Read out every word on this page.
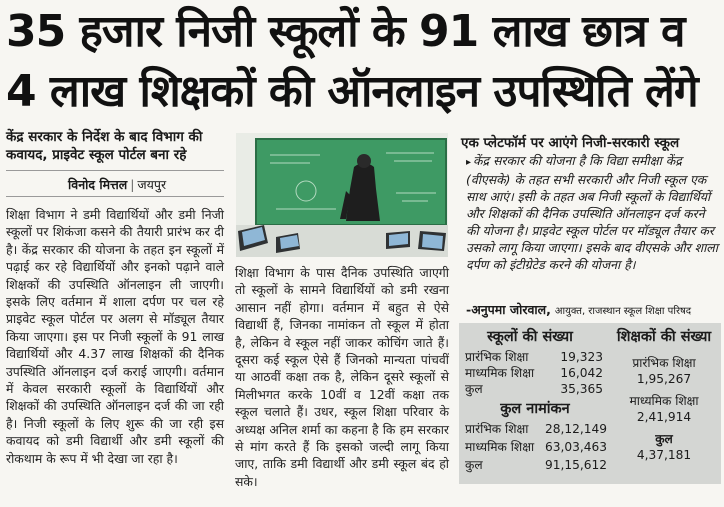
35 हजार निजी स्कूलों के 91 लाख छात्र व
4 लाख शिक्षकों की ऑनलाइन उपस्थिति लेंगे
केंद्र सरकार के निर्देश के बाद विभाग की कवायद, प्राइवेट स्कूल पोर्टल बना रहे
विनोद मित्तल | जयपुर
शिक्षा विभाग ने डमी विद्यार्थियों और डमी निजी स्कूलों पर शिकंजा कसने की तैयारी प्रारंभ कर दी है। केंद्र सरकार की योजना के तहत इन स्कूलों में पढ़ाई कर रहे विद्यार्थियों और इनको पढ़ाने वाले शिक्षकों की उपस्थिति ऑनलाइन ली जाएगी। इसके लिए वर्तमान में शाला दर्पण पर चल रहे प्राइवेट स्कूल पोर्टल पर अलग से मॉड्यूल तैयार किया जाएगा। इस पर निजी स्कूलों के 91 लाख विद्यार्थियों और 4.37 लाख शिक्षकों की दैनिक उपस्थिति ऑनलाइन दर्ज कराई जाएगी। वर्तमान में केवल सरकारी स्कूलों के विद्यार्थियों और शिक्षकों की उपस्थिति ऑनलाइन दर्ज की जा रही है। निजी स्कूलों के लिए शुरू की जा रही इस कवायद को डमी विद्यार्थी और डमी स्कूलों की रोकथाम के रूप में भी देखा जा रहा है।
शिक्षा विभाग के पास दैनिक उपस्थिति जाएगी तो स्कूलों के सामने विद्यार्थियों को डमी रखना आसान नहीं होगा। वर्तमान में बहुत से ऐसे विद्यार्थी हैं, जिनका नामांकन तो स्कूल में होता है, लेकिन वे स्कूल नहीं जाकर कोचिंग जाते हैं। दूसरा कई स्कूल ऐसे हैं जिनको मान्यता पांचवीं या आठवीं कक्षा तक है, लेकिन दूसरे स्कूलों से मिलीभगत करके 10वीं व 12वीं कक्षा तक स्कूल चलाते हैं। उधर, स्कूल शिक्षा परिवार के अध्यक्ष अनिल शर्मा का कहना है कि हम सरकार से मांग करते हैं कि इसको जल्दी लागू किया जाए, ताकि डमी विद्यार्थी और डमी स्कूल बंद हो सके।
एक प्लेटफॉर्म पर आएंगे निजी-सरकारी स्कूल
▸ केंद्र सरकार की योजना है कि विद्या समीक्षा केंद्र (वीएसके) के तहत सभी सरकारी और निजी स्कूल एक साथ आएं। इसी के तहत अब निजी स्कूलों के विद्यार्थियों और शिक्षकों की दैनिक उपस्थिति ऑनलाइन दर्ज करने की योजना है। प्राइवेट स्कूल पोर्टल पर मॉड्यूल तैयार कर उसको लागू किया जाएगा। इसके बाद वीएसके और शाला दर्पण को इंटीग्रेटेड करने की योजना है।
-अनुपमा जोरवाल, आयुक्त, राजस्थान स्कूल शिक्षा परिषद
स्कूलों की संख्या
प्रारंभिक शिक्षा	19,323
माध्यमिक शिक्षा	16,042
कुल	35,365
कुल नामांकन
प्रारंभिक शिक्षा	28,12,149
माध्यमिक शिक्षा 63,03,463
कुल	91,15,612
शिक्षकों की संख्या
प्रारंभिक शिक्षा
1,95,267
माध्यमिक शिक्षा
2,41,914
कुल
4,37,181
